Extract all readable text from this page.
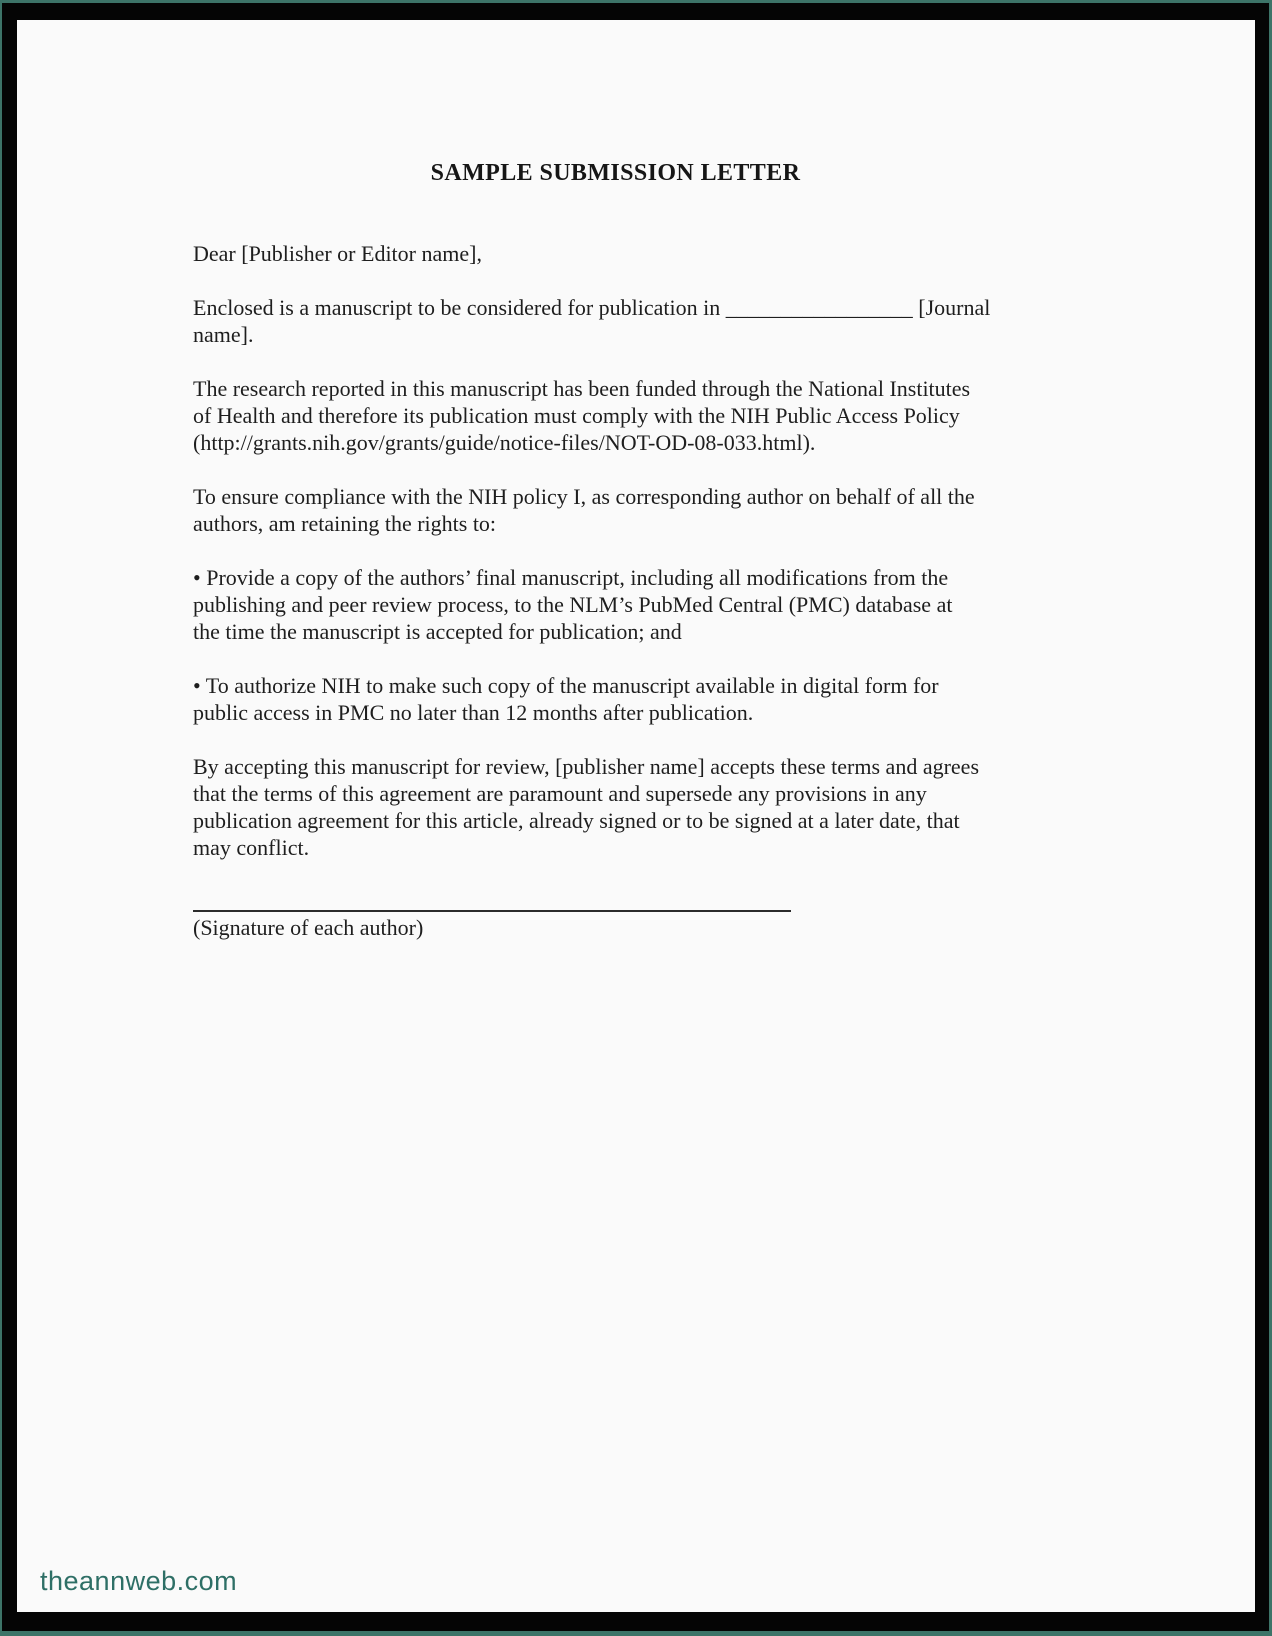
SAMPLE SUBMISSION LETTER
Dear [Publisher or Editor name],
Enclosed is a manuscript to be considered for publication in _________________ [Journal
name].
The research reported in this manuscript has been funded through the National Institutes
of Health and therefore its publication must comply with the NIH Public Access Policy
(http://grants.nih.gov/grants/guide/notice-files/NOT-OD-08-033.html).
To ensure compliance with the NIH policy I, as corresponding author on behalf of all the
authors, am retaining the rights to:
• Provide a copy of the authors’ final manuscript, including all modifications from the
publishing and peer review process, to the NLM’s PubMed Central (PMC) database at
the time the manuscript is accepted for publication; and
• To authorize NIH to make such copy of the manuscript available in digital form for
public access in PMC no later than 12 months after publication.
By accepting this manuscript for review, [publisher name] accepts these terms and agrees
that the terms of this agreement are paramount and supersede any provisions in any
publication agreement for this article, already signed or to be signed at a later date, that
may conflict.
(Signature of each author)
theannweb.com
